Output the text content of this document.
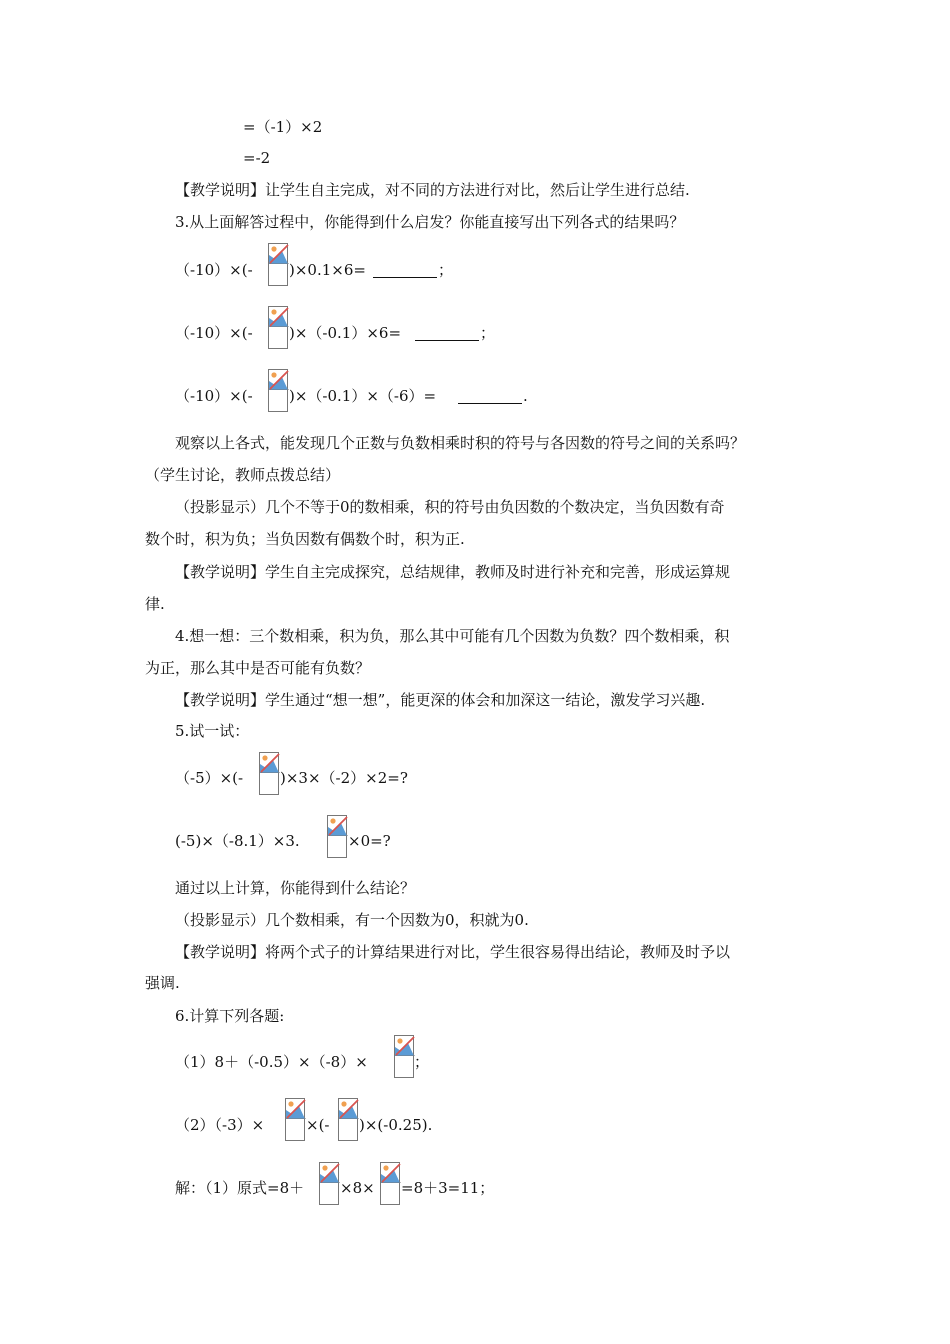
=（-1）×2
=-2
【教学说明】让学生自主完成，对不同的方法进行对比，然后让学生进行总结.
3.从上面解答过程中，你能得到什么启发？你能直接写出下列各式的结果吗？
（-10）×(- )×0.1×6=	；
（-10）×(- )×（-0.1）×6=	；
（-10）×(- )×（-0.1）×（-6）=	.
观察以上各式，能发现几个正数与负数相乘时积的符号与各因数的符号之间的关系吗？
（学生讨论，教师点拨总结）
（投影显示）几个不等于0的数相乘，积的符号由负因数的个数决定，当负因数有奇
数个时，积为负；当负因数有偶数个时，积为正.
【教学说明】学生自主完成探究，总结规律，教师及时进行补充和完善，形成运算规
律.
4.想一想：三个数相乘，积为负，那么其中可能有几个因数为负数？四个数相乘，积
为正，那么其中是否可能有负数？
【教学说明】学生通过“想一想”，能更深的体会和加深这一结论，激发学习兴趣.
5.试一试：
（-5）×(- )×3×（-2）×2=?
(-5)×（-8.1）×3.	×0=?
通过以上计算，你能得到什么结论？
（投影显示）几个数相乘，有一个因数为0，积就为0.
【教学说明】将两个式子的计算结果进行对比，学生很容易得出结论，教师及时予以
强调.
6.计算下列各题:
（1）8＋（-0.5）×（-8）×	；
（2）（-3）×	×(- )×(-0.25).
解：（1）原式=8＋ ×8× =8＋3=11；
